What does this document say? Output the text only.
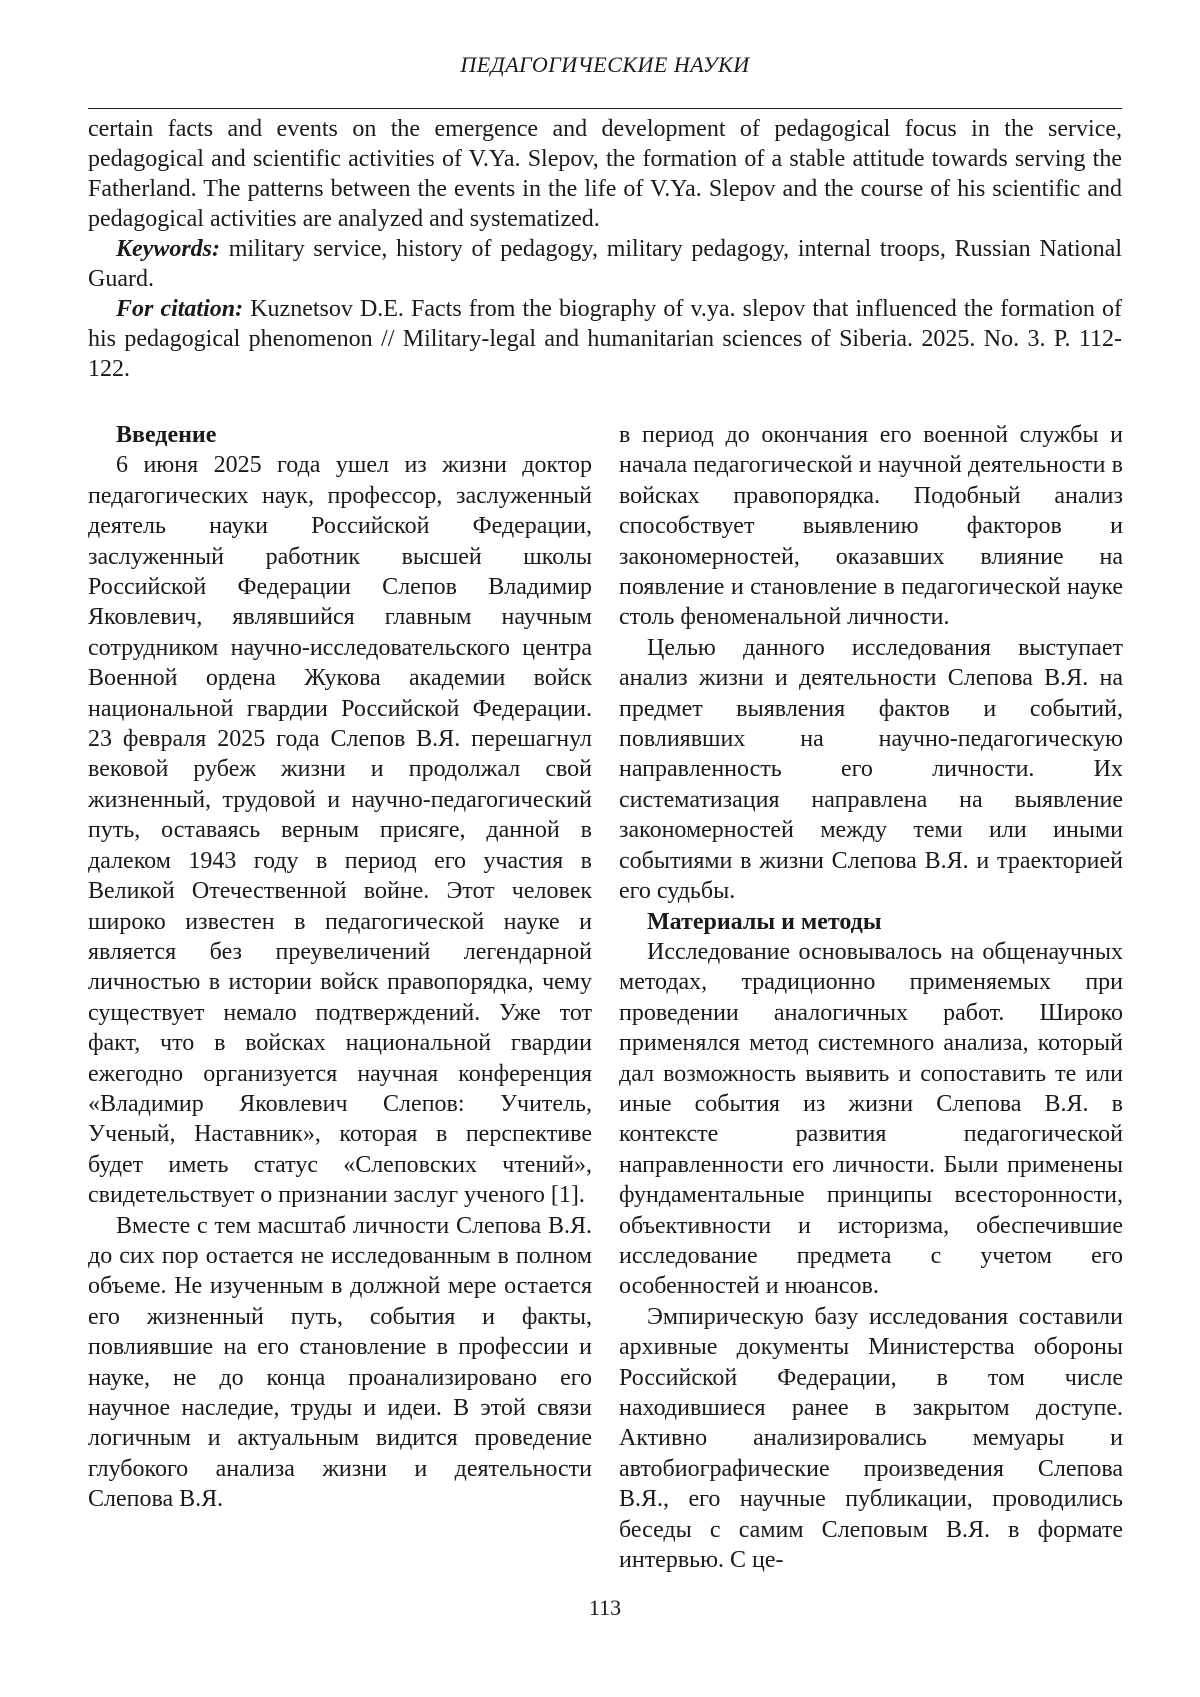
ПЕДАГОГИЧЕСКИЕ НАУКИ

certain facts and events on the emergence and development of pedagogical focus in the service, pedagogical and scientific activities of V.Ya. Slepov, the formation of a stable attitude towards serving the Fatherland. The patterns between the events in the life of V.Ya. Slepov and the course of his scientific and pedagogical activities are analyzed and systematized.

Keywords: military service, history of pedagogy, military pedagogy, internal troops, Russian National Guard.

For citation: Kuznetsov D.E. Facts from the biography of v.ya. slepov that influenced the formation of his pedagogical phenomenon // Military-legal and humanitarian sciences of Siberia. 2025. No. 3. P. 112-122.

Введение

6 июня 2025 года ушел из жизни доктор педагогических наук, профессор, заслуженный деятель науки Российской Федерации, заслуженный работник высшей школы Российской Федерации Слепов Владимир Яковлевич, являвшийся главным научным сотрудником научно-исследовательского центра Военной ордена Жукова академии войск национальной гвардии Российской Федерации. 23 февраля 2025 года Слепов В.Я. перешагнул вековой рубеж жизни и продолжал свой жизненный, трудовой и научно-педагогический путь, оставаясь верным присяге, данной в далеком 1943 году в период его участия в Великой Отечественной войне. Этот человек широко известен в педагогической науке и является без преувеличений легендарной личностью в истории войск правопорядка, чему существует немало подтверждений. Уже тот факт, что в войсках национальной гвардии ежегодно организуется научная конференция «Владимир Яковлевич Слепов: Учитель, Ученый, Наставник», которая в перспективе будет иметь статус «Слеповских чтений», свидетельствует о признании заслуг ученого [1].

Вместе с тем масштаб личности Слепова В.Я. до сих пор остается не исследованным в полном объеме. Не изученным в должной мере остается его жизненный путь, события и факты, повлиявшие на его становление в профессии и науке, не до конца проанализировано его научное наследие, труды и идеи. В этой связи логичным и актуальным видится проведение глубокого анализа жизни и деятельности Слепова В.Я.

в период до окончания его военной службы и начала педагогической и научной деятельности в войсках правопорядка. Подобный анализ способствует выявлению факторов и закономерностей, оказавших влияние на появление и становление в педагогической науке столь феноменальной личности.

Целью данного исследования выступает анализ жизни и деятельности Слепова В.Я. на предмет выявления фактов и событий, повлиявших на научно-педагогическую направленность его личности. Их систематизация направлена на выявление закономерностей между теми или иными событиями в жизни Слепова В.Я. и траекторией его судьбы.

Материалы и методы

Исследование основывалось на общенаучных методах, традиционно применяемых при проведении аналогичных работ. Широко применялся метод системного анализа, который дал возможность выявить и сопоставить те или иные события из жизни Слепова В.Я. в контексте развития педагогической направленности его личности. Были применены фундаментальные принципы всесторонности, объективности и историзма, обеспечившие исследование предмета с учетом его особенностей и нюансов.

Эмпирическую базу исследования составили архивные документы Министерства обороны Российской Федерации, в том числе находившиеся ранее в закрытом доступе. Активно анализировались мемуары и автобиографические произведения Слепова В.Я., его научные публикации, проводились беседы с самим Слеповым В.Я. в формате интервью. С це-

113
